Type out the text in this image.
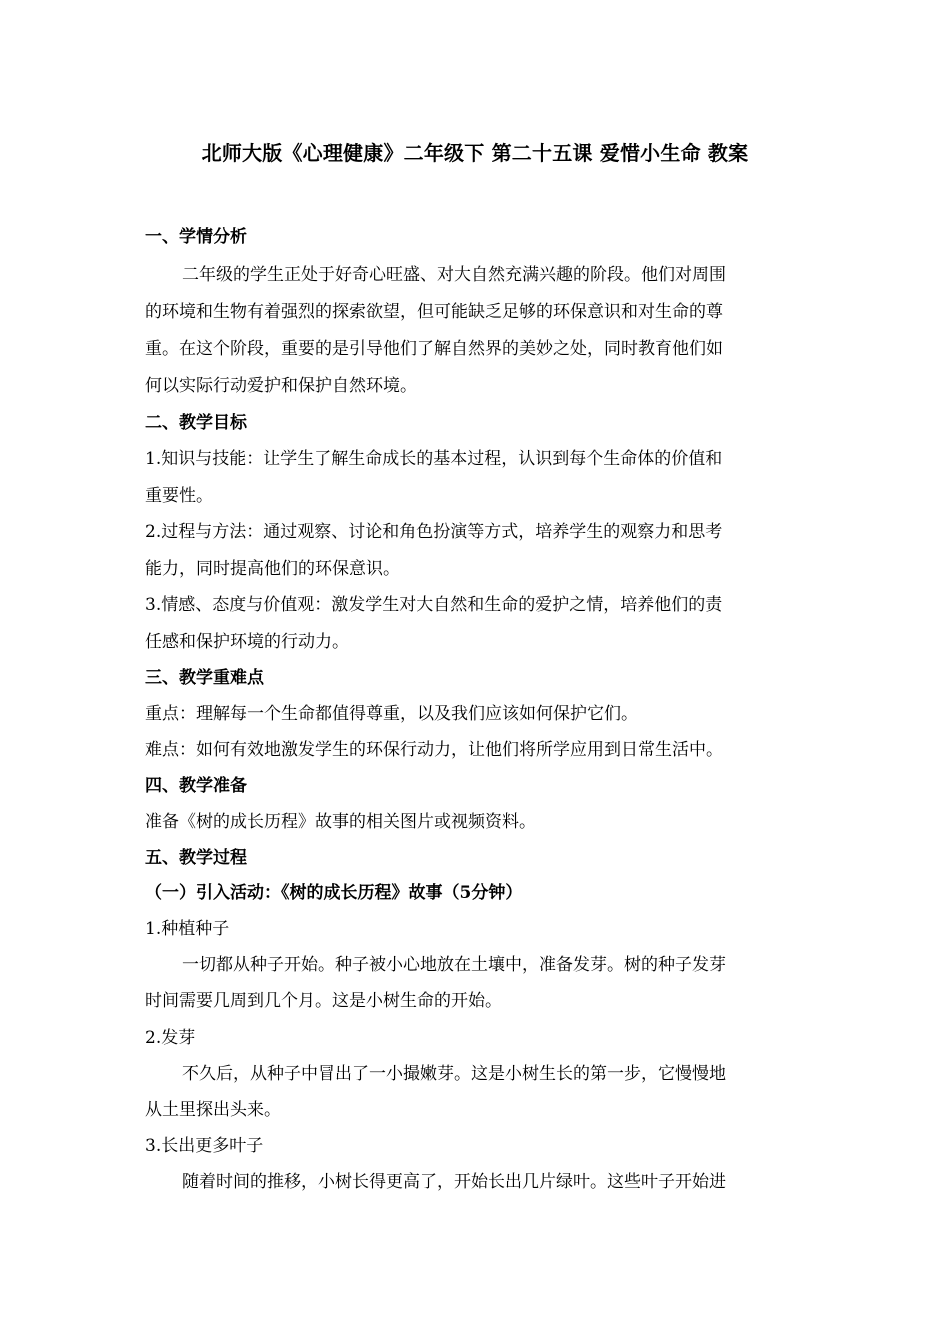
北师大版《心理健康》二年级下 第二十五课 爱惜小生命 教案
一、学情分析
二年级的学生正处于好奇心旺盛、对大自然充满兴趣的阶段。他们对周围
的环境和生物有着强烈的探索欲望，但可能缺乏足够的环保意识和对生命的尊
重。在这个阶段，重要的是引导他们了解自然界的美妙之处，同时教育他们如
何以实际行动爱护和保护自然环境。
二、教学目标
1.知识与技能：让学生了解生命成长的基本过程，认识到每个生命体的价值和
重要性。
2.过程与方法：通过观察、讨论和角色扮演等方式，培养学生的观察力和思考
能力，同时提高他们的环保意识。
3.情感、态度与价值观：激发学生对大自然和生命的爱护之情，培养他们的责
任感和保护环境的行动力。
三、教学重难点
重点：理解每一个生命都值得尊重，以及我们应该如何保护它们。
难点：如何有效地激发学生的环保行动力，让他们将所学应用到日常生活中。
四、教学准备
准备《树的成长历程》故事的相关图片或视频资料。
五、教学过程
（一）引入活动：《树的成长历程》故事（5分钟）
1.种植种子
一切都从种子开始。种子被小心地放在土壤中，准备发芽。树的种子发芽
时间需要几周到几个月。这是小树生命的开始。
2.发芽
不久后，从种子中冒出了一小撮嫩芽。这是小树生长的第一步，它慢慢地
从土里探出头来。
3.长出更多叶子
随着时间的推移，小树长得更高了，开始长出几片绿叶。这些叶子开始进
